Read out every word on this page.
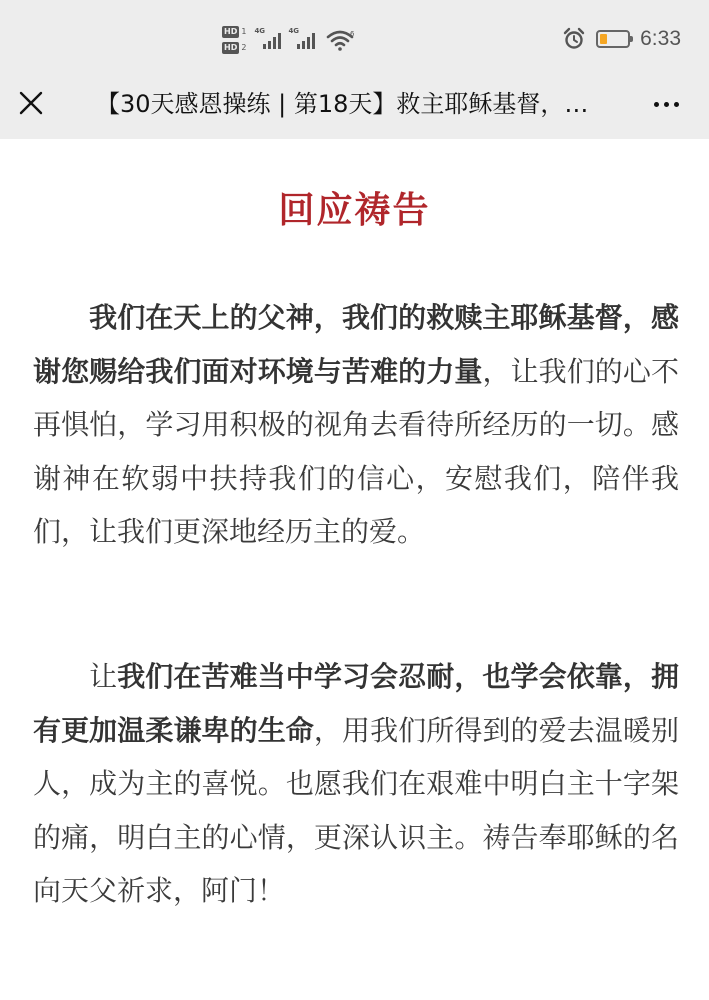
HD 1
HD 2
4G	4G	6	6:33
【30天感恩操练 | 第18天】救主耶稣基督，…
回应祷告

我们在天上的父神，我们的救赎主耶稣基督，感谢您赐给我们面对环境与苦难的力量，让我们的心不再惧怕，学习用积极的视角去看待所经历的一切。感谢神在软弱中扶持我们的信心，安慰我们，陪伴我们，让我们更深地经历主的爱。

让我们在苦难当中学习会忍耐，也学会依靠，拥有更加温柔谦卑的生命，用我们所得到的爱去温暖别人，成为主的喜悦。也愿我们在艰难中明白主十字架的痛，明白主的心情，更深认识主。祷告奉耶稣的名向天父祈求，阿门！
